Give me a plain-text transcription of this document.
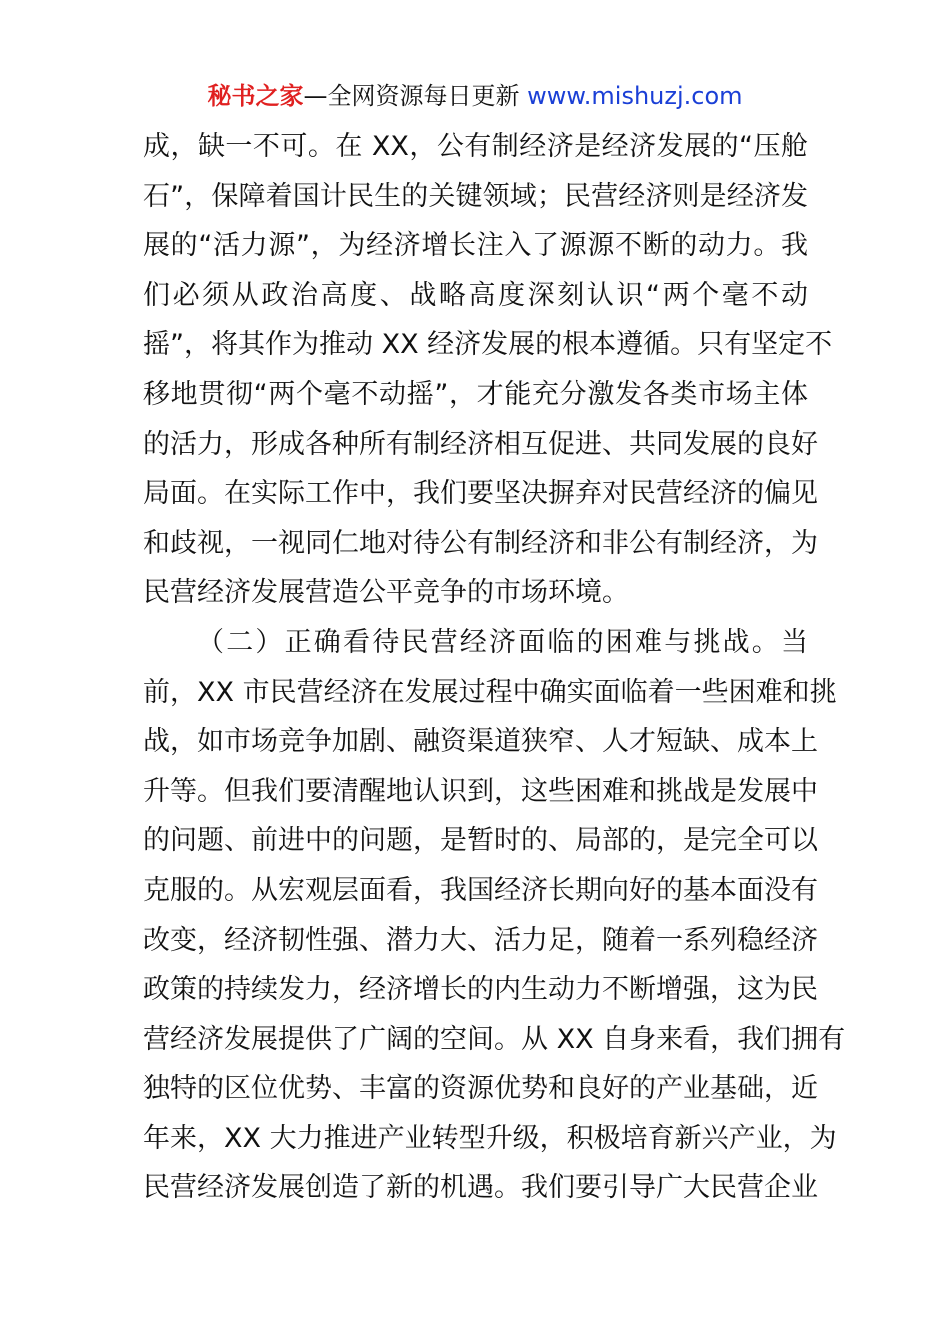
秘书之家—全网资源每日更新 www.mishuzj.com
成，缺一不可。在 XX，公有制经济是经济发展的“压舱
石”，保障着国计民生的关键领域；民营经济则是经济发
展的“活力源”，为经济增长注入了源源不断的动力。我
们必须从政治高度、战略高度深刻认识“两个毫不动
摇”，将其作为推动 XX 经济发展的根本遵循。只有坚定不
移地贯彻“两个毫不动摇”，才能充分激发各类市场主体
的活力，形成各种所有制经济相互促进、共同发展的良好
局面。在实际工作中，我们要坚决摒弃对民营经济的偏见
和歧视，一视同仁地对待公有制经济和非公有制经济，为
民营经济发展营造公平竞争的市场环境。
（二）正确看待民营经济面临的困难与挑战。当
前，XX 市民营经济在发展过程中确实面临着一些困难和挑
战，如市场竞争加剧、融资渠道狭窄、人才短缺、成本上
升等。但我们要清醒地认识到，这些困难和挑战是发展中
的问题、前进中的问题，是暂时的、局部的，是完全可以
克服的。从宏观层面看，我国经济长期向好的基本面没有
改变，经济韧性强、潜力大、活力足，随着一系列稳经济
政策的持续发力，经济增长的内生动力不断增强，这为民
营经济发展提供了广阔的空间。从 XX 自身来看，我们拥有
独特的区位优势、丰富的资源优势和良好的产业基础，近
年来，XX 大力推进产业转型升级，积极培育新兴产业，为
民营经济发展创造了新的机遇。我们要引导广大民营企业
